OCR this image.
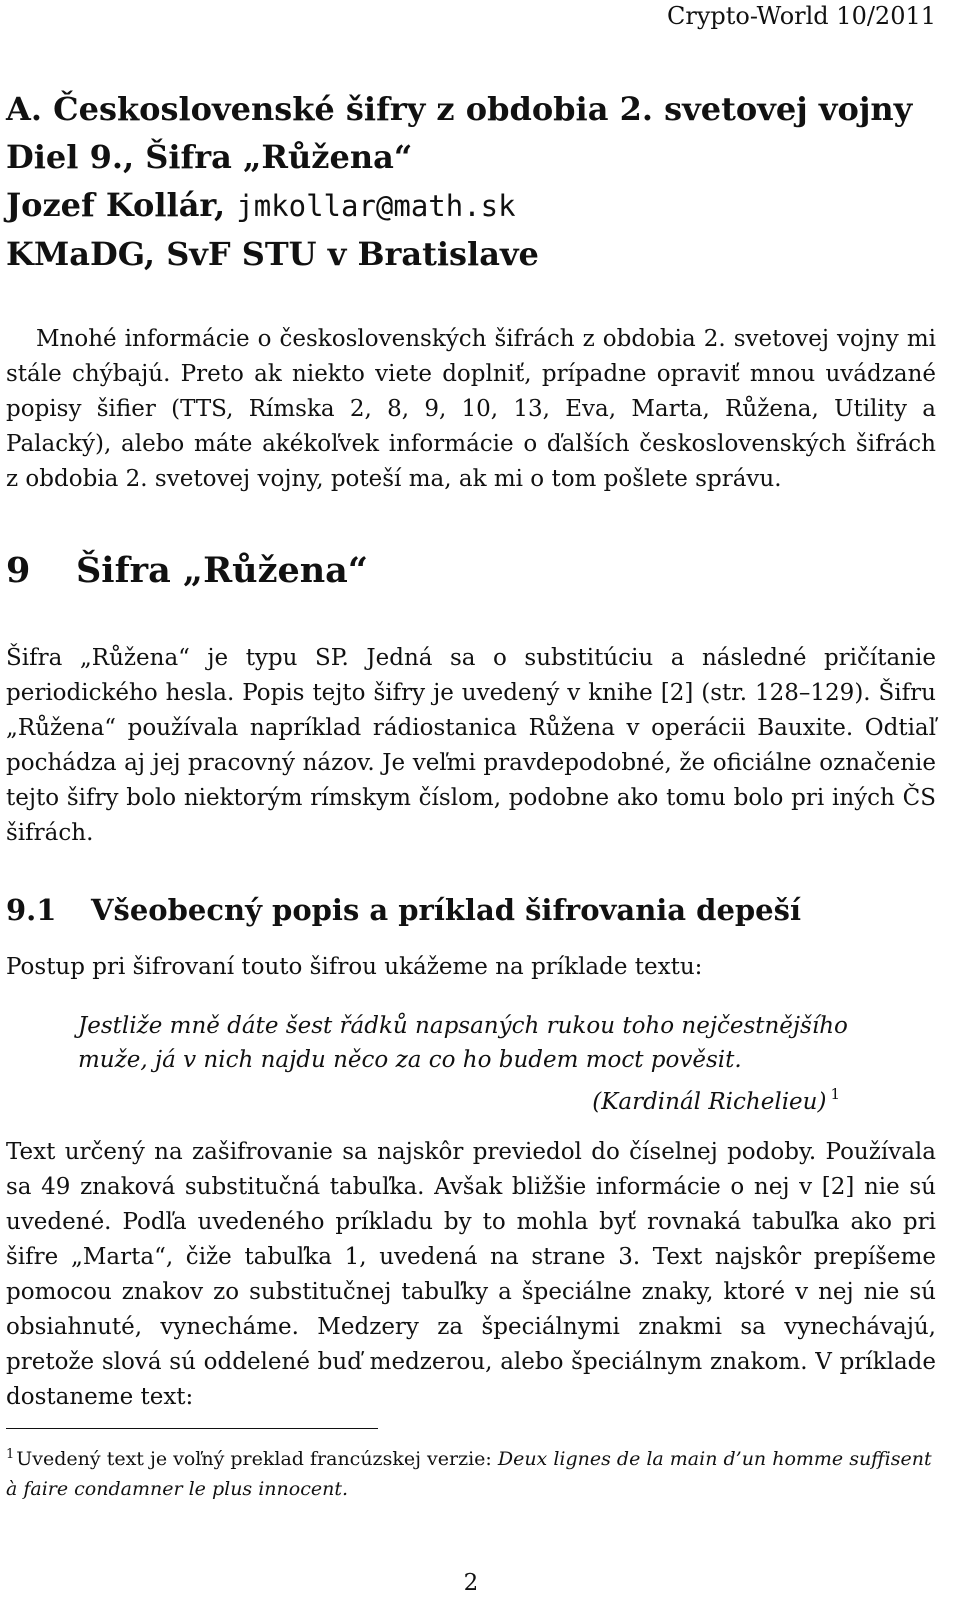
Crypto-World 10/2011
A. Československé šifry z obdobia 2. svetovej vojny
Diel 9., Šifra „Růžena“
Jozef Kollár, jmkollar@math.sk
KMaDG, SvF STU v Bratislave
Mnohé informácie o československých šifrách z obdobia 2. svetovej vojny mi stále chýbajú. Preto ak niekto viete doplniť, prípadne opraviť mnou uvádzané popisy šifier (TTS, Rímska 2, 8, 9, 10, 13, Eva, Marta, Růžena, Utility a Palacký), alebo máte akékoľvek informácie o ďalších československých šifrách z obdobia 2. svetovej vojny, poteší ma, ak mi o tom pošlete správu.
9 Šifra „Růžena“
Šifra „Růžena“ je typu SP. Jedná sa o substitúciu a následné pričítanie periodického hesla. Popis tejto šifry je uvedený v knihe [2] (str. 128–129). Šifru „Růžena“ používala napríklad rádiostanica Růžena v operácii Bauxite. Odtiaľ pochádza aj jej pracovný názov. Je veľmi pravdepodobné, že oficiálne označenie tejto šifry bolo niektorým rímskym číslom, podobne ako tomu bolo pri iných ČS šifrách.
9.1 Všeobecný popis a príklad šifrovania depeší
Postup pri šifrovaní touto šifrou ukážeme na príklade textu:
Jestliže mně dáte šest řádků napsaných rukou toho nejčestnějšího
muže, já v nich najdu něco za co ho budem moct pověsit.
(Kardinál Richelieu) $^1$
Text určený na zašifrovanie sa najskôr previedol do číselnej podoby. Používala sa 49 znaková substitučná tabuľka. Avšak bližšie informácie o nej v [2] nie sú uvedené. Podľa uvedeného príkladu by to mohla byť rovnaká tabuľka ako pri šifre „Marta“, čiže tabuľka 1, uvedená na strane 3. Text najskôr prepíšeme pomocou znakov zo substitučnej tabuľky a špeciálne znaky, ktoré v nej nie sú obsiahnuté, vynecháme. Medzery za špeciálnymi znakmi sa vynechávajú, pretože slová sú oddelené buď medzerou, alebo špeciálnym znakom. V príklade dostaneme text:
$^1$ Uvedený text je voľný preklad francúzskej verzie: Deux lignes de la main d’un homme suffisent à faire condamner le plus innocent.
2
